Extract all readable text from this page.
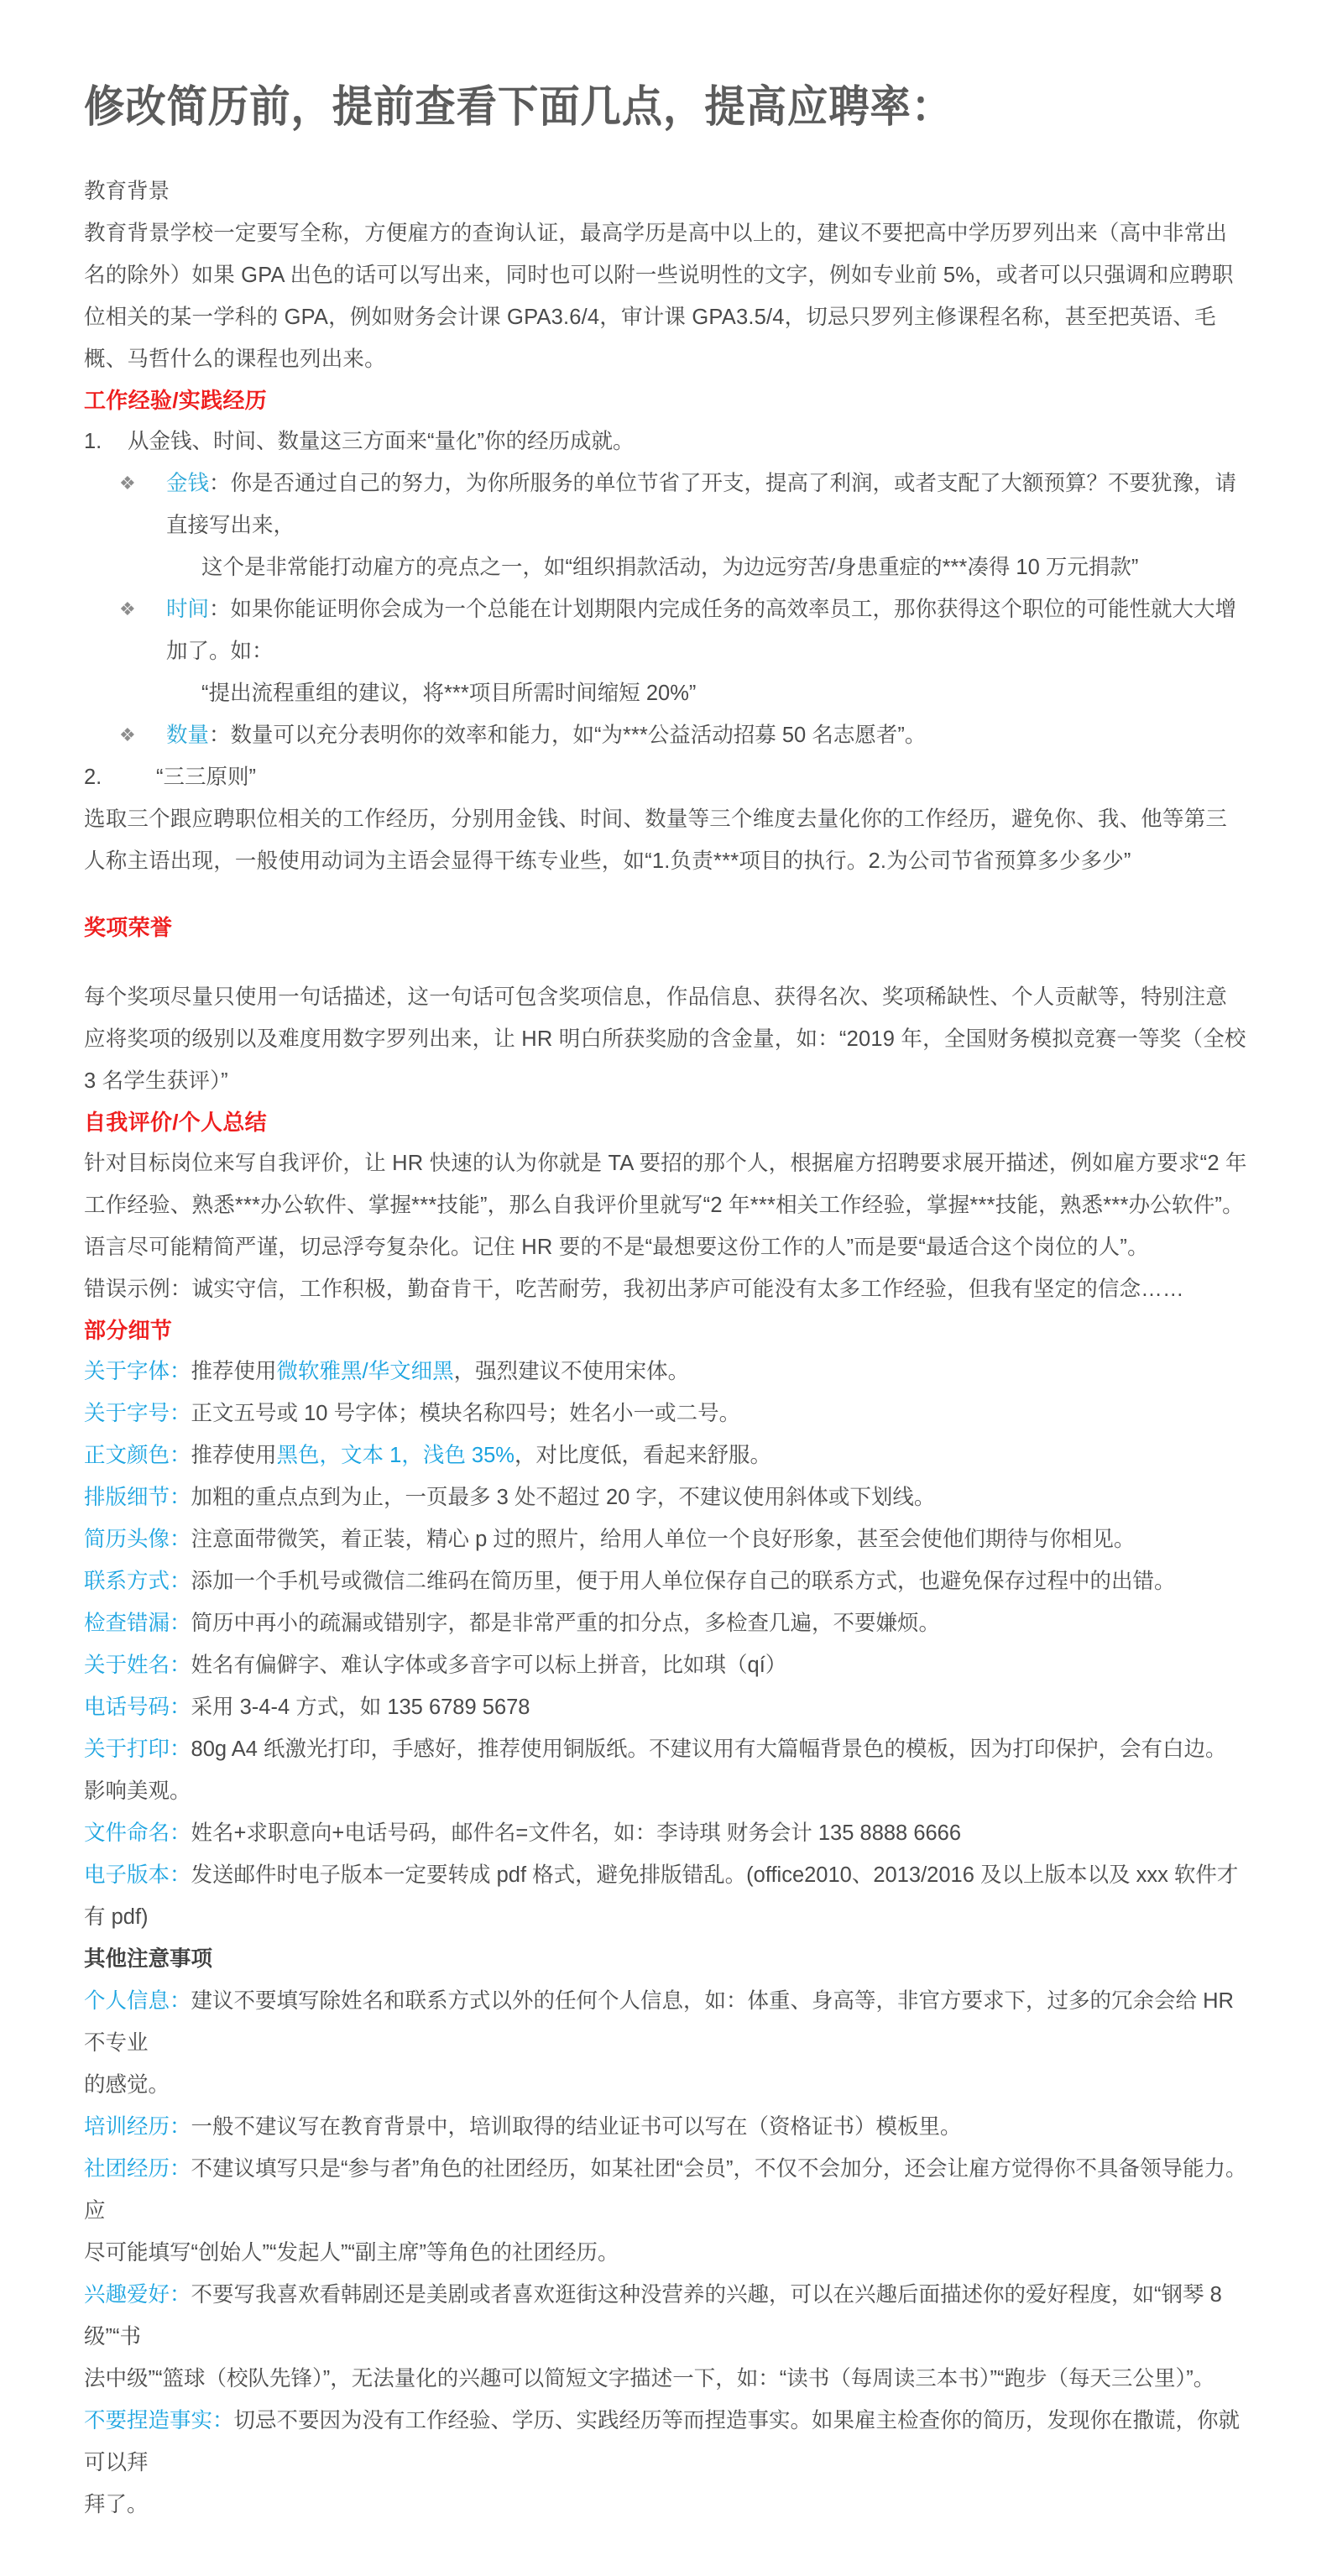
修改简历前，提前查看下面几点，提高应聘率：

教育背景

教育背景学校一定要写全称，方便雇方的查询认证，最高学历是高中以上的，建议不要把高中学历罗列出来（高中非常出名的除外）如果 GPA 出色的话可以写出来，同时也可以附一些说明性的文字，例如专业前 5%，或者可以只强调和应聘职位相关的某一学科的 GPA，例如财务会计课 GPA3.6/4，审计课 GPA3.5/4，切忌只罗列主修课程名称，甚至把英语、毛概、马哲什么的课程也列出来。

工作经验/实践经历

1.	从金钱、时间、数量这三方面来“量化”你的经历成就。
❖	金钱：你是否通过自己的努力，为你所服务的单位节省了开支，提高了利润，或者支配了大额预算？不要犹豫，请直接写出来，

这个是非常能打动雇方的亮点之一，如“组织捐款活动，为边远穷苦/身患重症的***凑得 10 万元捐款”

❖	时间：如果你能证明你会成为一个总能在计划期限内完成任务的高效率员工，那你获得这个职位的可能性就大大增加了。如：

“提出流程重组的建议，将***项目所需时间缩短 20%”

❖	数量：数量可以充分表明你的效率和能力，如“为***公益活动招募 50 名志愿者”。
2.	“三三原则”

选取三个跟应聘职位相关的工作经历，分别用金钱、时间、数量等三个维度去量化你的工作经历，避免你、我、他等第三人称主语出现，一般使用动词为主语会显得干练专业些，如“1.负责***项目的执行。2.为公司节省预算多少多少”

奖项荣誉

每个奖项尽量只使用一句话描述，这一句话可包含奖项信息，作品信息、获得名次、奖项稀缺性、个人贡献等，特别注意应将奖项的级别以及难度用数字罗列出来，让 HR 明白所获奖励的含金量，如：“2019 年，全国财务模拟竞赛一等奖（全校 3 名学生获评）”

自我评价/个人总结

针对目标岗位来写自我评价，让 HR 快速的认为你就是 TA 要招的那个人，根据雇方招聘要求展开描述，例如雇方要求“2 年工作经验、熟悉***办公软件、掌握***技能”，那么自我评价里就写“2 年***相关工作经验，掌握***技能，熟悉***办公软件”。语言尽可能精简严谨，切忌浮夸复杂化。记住 HR 要的不是“最想要这份工作的人”而是要“最适合这个岗位的人”。

错误示例：诚实守信，工作积极，勤奋肯干，吃苦耐劳，我初出茅庐可能没有太多工作经验，但我有坚定的信念……

部分细节

关于字体：推荐使用微软雅黑/华文细黑，强烈建议不使用宋体。

关于字号：正文五号或 10 号字体；模块名称四号；姓名小一或二号。

正文颜色：推荐使用黑色，文本 1，浅色 35%，对比度低，看起来舒服。

排版细节：加粗的重点点到为止，一页最多 3 处不超过 20 字，不建议使用斜体或下划线。

简历头像：注意面带微笑，着正装，精心 p 过的照片，给用人单位一个良好形象，甚至会使他们期待与你相见。

联系方式：添加一个手机号或微信二维码在简历里，便于用人单位保存自己的联系方式，也避免保存过程中的出错。

检查错漏：简历中再小的疏漏或错别字，都是非常严重的扣分点，多检查几遍，不要嫌烦。

关于姓名：姓名有偏僻字、难认字体或多音字可以标上拼音，比如琪（qí）

电话号码：采用 3-4-4 方式，如 135 6789 5678

关于打印：80g A4 纸激光打印，手感好，推荐使用铜版纸。不建议用有大篇幅背景色的模板，因为打印保护，会有白边。影响美观。

文件命名：姓名+求职意向+电话号码，邮件名=文件名，如：李诗琪 财务会计 135 8888 6666

电子版本：发送邮件时电子版本一定要转成 pdf 格式，避免排版错乱。(office2010、2013/2016 及以上版本以及 xxx 软件才有 pdf)

其他注意事项

个人信息：建议不要填写除姓名和联系方式以外的任何个人信息，如：体重、身高等，非官方要求下，过多的冗余会给 HR 不专业

的感觉。

培训经历：一般不建议写在教育背景中，培训取得的结业证书可以写在（资格证书）模板里。

社团经历：不建议填写只是“参与者”角色的社团经历，如某社团“会员”，不仅不会加分，还会让雇方觉得你不具备领导能力。应

尽可能填写“创始人”“发起人”“副主席”等角色的社团经历。

兴趣爱好：不要写我喜欢看韩剧还是美剧或者喜欢逛街这种没营养的兴趣，可以在兴趣后面描述你的爱好程度，如“钢琴 8 级”“书

法中级”“篮球（校队先锋）”，无法量化的兴趣可以简短文字描述一下，如：“读书（每周读三本书）”“跑步（每天三公里）”。

不要捏造事实：切忌不要因为没有工作经验、学历、实践经历等而捏造事实。如果雇主检查你的简历，发现你在撒谎，你就可以拜

拜了。
